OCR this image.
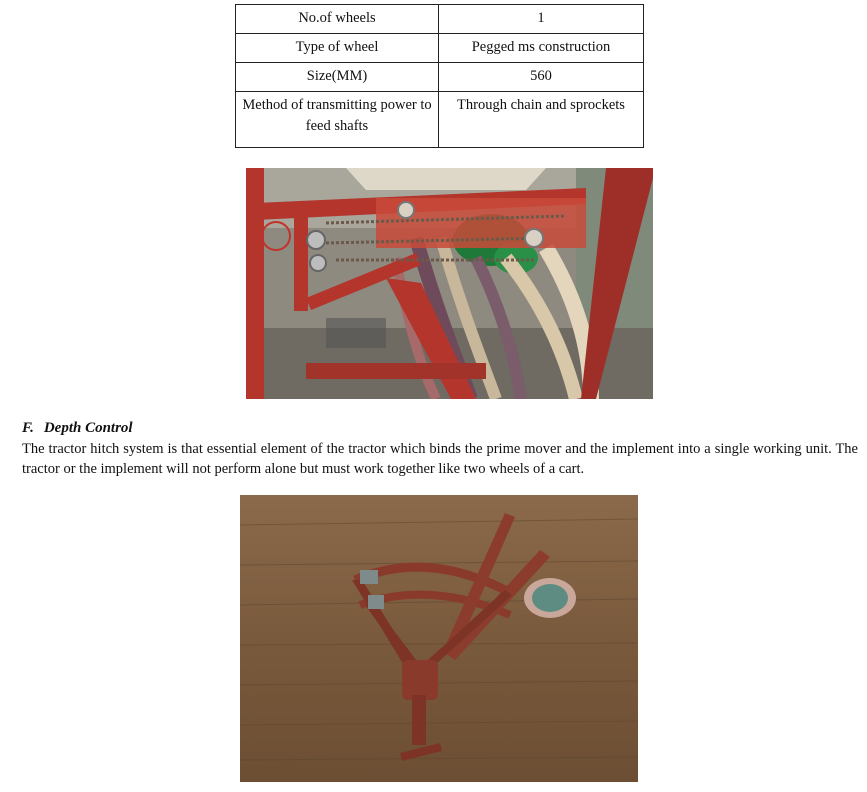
No.of wheels	1
Type of wheel	Pegged ms construction
Size(MM)	560
Method of transmitting power to feed shafts	Through chain and sprockets
F. Depth Control

The tractor hitch system is that essential element of the tractor which binds the prime mover and the implement into a single working unit. The tractor or the implement will not perform alone but must work together like two wheels of a cart.
